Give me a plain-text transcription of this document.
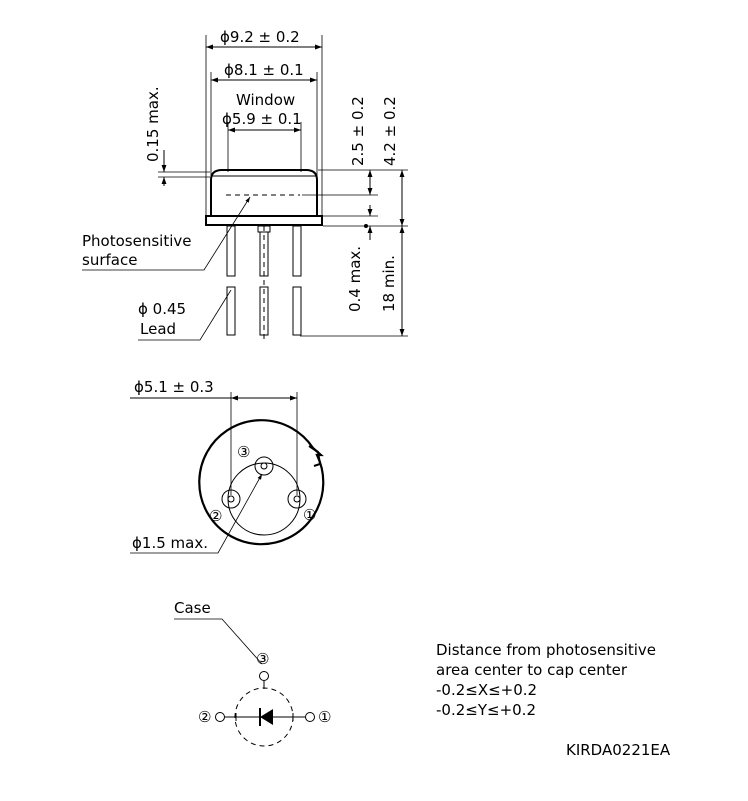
ϕ9.2 ± 0.2
ϕ8.1 ± 0.1
Window
ϕ5.9 ± 0.1
0.15 max.	2.5 ± 0.2 4.2 ± 0.2
0.4 max. 18 min.
Photosensitive
surface
ϕ 0.45
Lead
ϕ5.1 ± 0.3
③
②	①
ϕ1.5 max.
Case
③
②	①
Distance from photosensitive
area center to cap center
-0.2≤X≤+0.2
-0.2≤Y≤+0.2
KIRDA0221EA
